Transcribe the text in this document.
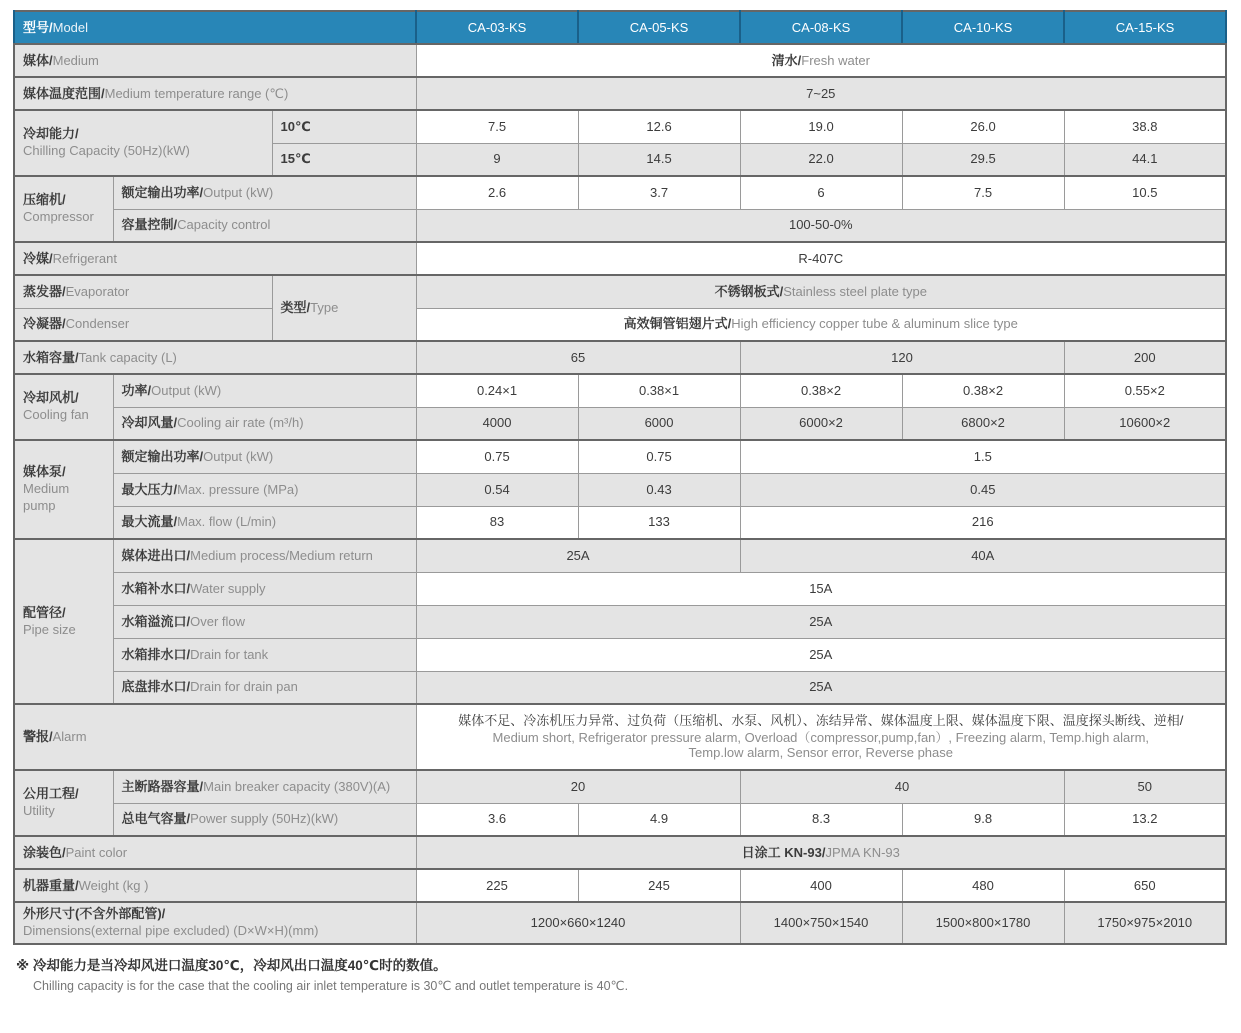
型号/Model			CA-03-KS	CA-05-KS	CA-08-KS	CA-10-KS	CA-15-KS
媒体/Medium			清水/Fresh water				
媒体温度范围/Medium temperature range (℃)			7~25				

冷却能力/
Chilling Capacity (50Hz)(kW)		10℃	7.5	12.6	19.0	26.0	38.8
		15℃	9	14.5	22.0	29.5	44.1

压缩机/
Compressor	额定输出功率/Output (kW)		2.6	3.7	6	7.5	10.5
	容量控制/Capacity control		100-50-0%				
冷媒/Refrigerant			R-407C				
蒸发器/Evaporator		类型/Type	不锈钢板式/Stainless steel plate type				
冷凝器/Condenser			高效铜管铝翅片式/High efficiency copper tube & aluminum slice type				
水箱容量/Tank capacity (L)			65		120		200

冷却风机/
Cooling fan	功率/Output (kW)		0.24×1	0.38×1	0.38×2	0.38×2	0.55×2
	冷却风量/Cooling air rate (m³/h)		4000	6000	6000×2	6800×2	10600×2

媒体泵/
Medium pump	额定输出功率/Output (kW)		0.75	0.75	1.5		
	最大压力/Max. pressure (MPa)		0.54	0.43	0.45		
	最大流量/Max. flow (L/min)		83	133	216		

配管径/
Pipe size	媒体进出口/Medium process/Medium return		25A		40A		
	水箱补水口/Water supply		15A				
	水箱溢流口/Over flow		25A				
	水箱排水口/Drain for tank		25A				
	底盘排水口/Drain for drain pan		25A				
警报/Alarm			媒体不足、冷冻机压力异常、过负荷（压缩机、水泵、风机）、冻结异常、媒体温度上限、媒体温度下限、温度探头断线、逆相/
Medium short, Refrigerator pressure alarm, Overload（compressor,pump,fan）, Freezing alarm, Temp.high alarm,
Temp.low alarm, Sensor error, Reverse phase				

公用工程/
Utility	主断路器容量/Main breaker capacity (380V)(A)		20		40		50
	总电气容量/Power supply (50Hz)(kW)		3.6	4.9	8.3	9.8	13.2
涂装色/Paint color			日涂工 KN-93/JPMA KN-93				
机器重量/Weight (kg )			225	245	400	480	650

外形尺寸(不含外部配管)/
Dimensions(external pipe excluded) (D×W×H)(mm)			1200×660×1240		1400×750×1540	1500×800×1780	1750×975×2010
※ 冷却能力是当冷却风进口温度30℃，冷却风出口温度40℃时的数值。
Chilling capacity is for the case that the cooling air inlet temperature is 30℃ and outlet temperature is 40℃.
